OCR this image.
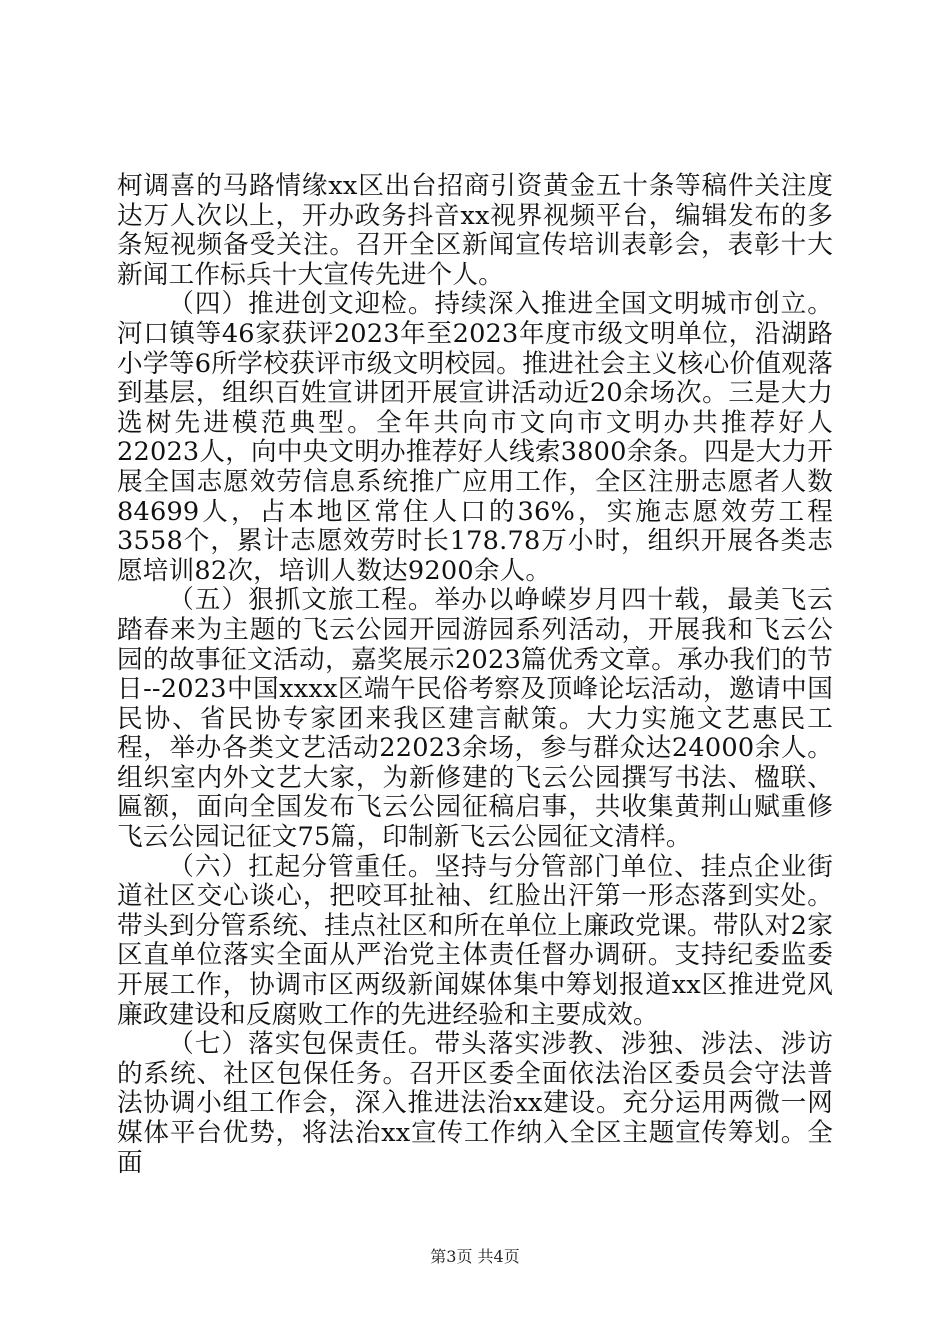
柯调喜的马路情缘xx区出台招商引资黄金五十条等稿件关注度达万人次以上，开办政务抖音xx视界视频平台，编辑发布的多条短视频备受关注。召开全区新闻宣传培训表彰会，表彰十大新闻工作标兵十大宣传先进个人。

（四）推进创文迎检。持续深入推进全国文明城市创立。河口镇等46家获评2023年至2023年度市级文明单位，沿湖路小学等6所学校获评市级文明校园。推进社会主义核心价值观落到基层，组织百姓宣讲团开展宣讲活动近20余场次。三是大力选树先进模范典型。全年共向市文向市文明办共推荐好人22023人，向中央文明办推荐好人线索3800余条。四是大力开展全国志愿效劳信息系统推广应用工作，全区注册志愿者人数84699人，占本地区常住人口的36%，实施志愿效劳工程3558个，累计志愿效劳时长178.78万小时，组织开展各类志愿培训82次，培训人数达9200余人。

（五）狠抓文旅工程。举办以峥嵘岁月四十载，最美飞云踏春来为主题的飞云公园开园游园系列活动，开展我和飞云公园的故事征文活动，嘉奖展示2023篇优秀文章。承办我们的节日--2023中国xxxx区端午民俗考察及顶峰论坛活动，邀请中国民协、省民协专家团来我区建言献策。大力实施文艺惠民工程，举办各类文艺活动22023余场，参与群众达24000余人。组织室内外文艺大家，为新修建的飞云公园撰写书法、楹联、匾额，面向全国发布飞云公园征稿启事，共收集黄荆山赋重修飞云公园记征文75篇，印制新飞云公园征文清样。

（六）扛起分管重任。坚持与分管部门单位、挂点企业街道社区交心谈心，把咬耳扯袖、红脸出汗第一形态落到实处。带头到分管系统、挂点社区和所在单位上廉政党课。带队对2家区直单位落实全面从严治党主体责任督办调研。支持纪委监委开展工作，协调市区两级新闻媒体集中筹划报道xx区推进党风廉政建设和反腐败工作的先进经验和主要成效。

（七）落实包保责任。带头落实涉教、涉独、涉法、涉访的系统、社区包保任务。召开区委全面依法治区委员会守法普法协调小组工作会，深入推进法治xx建设。充分运用两微一网媒体平台优势，将法治xx宣传工作纳入全区主题宣传筹划。全面

第3页 共4页
